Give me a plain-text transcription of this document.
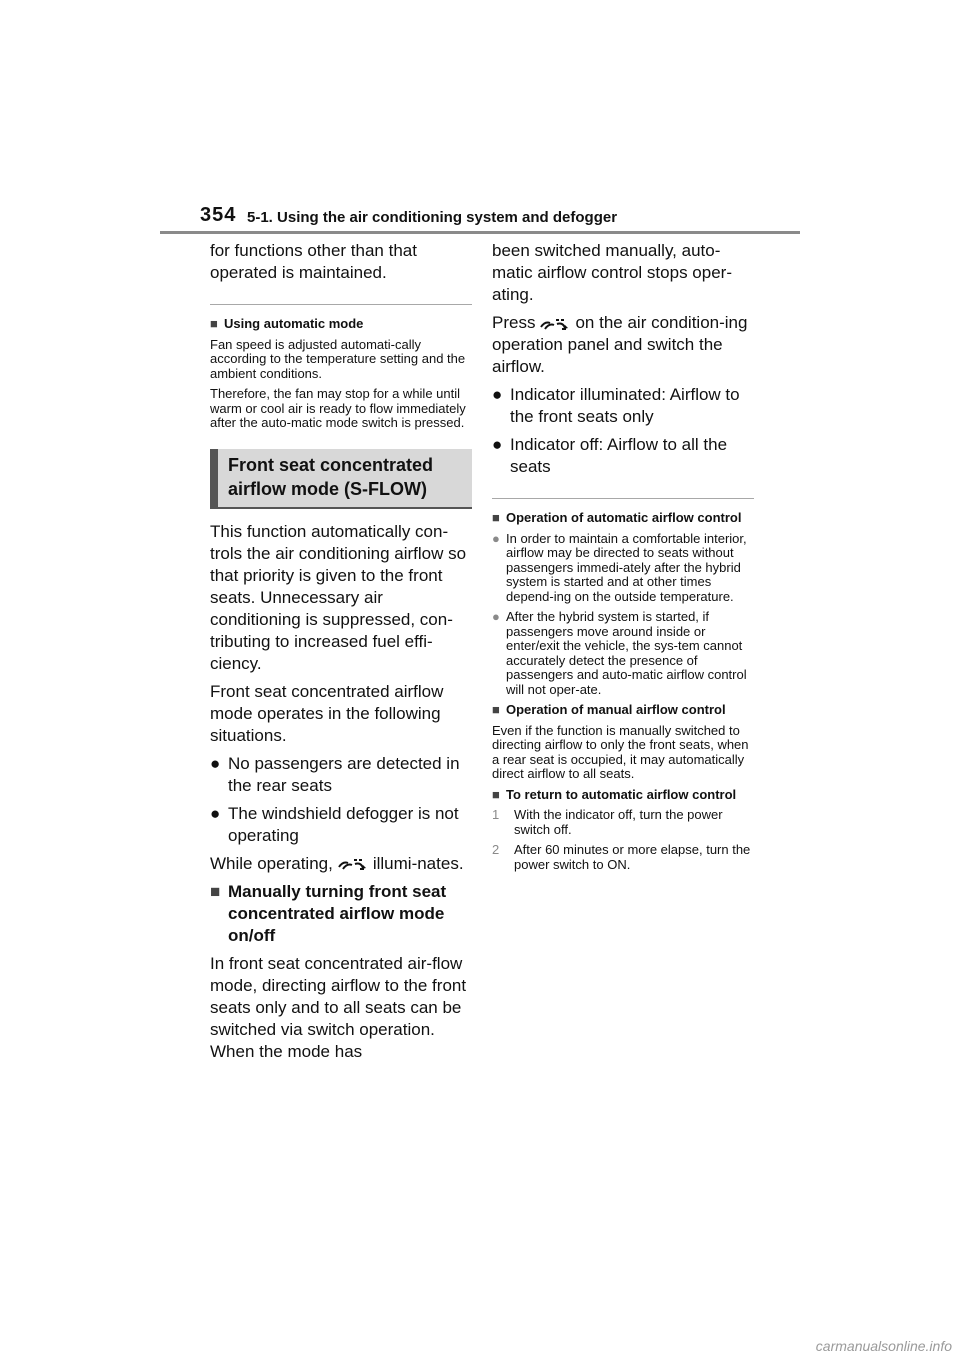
354 5-1. Using the air conditioning system and defogger

for functions other than that operated is maintained.

■ Using automatic mode

Fan speed is adjusted automati-cally according to the temperature setting and the ambient conditions.

Therefore, the fan may stop for a while until warm or cool air is ready to flow immediately after the auto-matic mode switch is pressed.

Front seat concentrated airflow mode (S-FLOW)

This function automatically con-trols the air conditioning airflow so that priority is given to the front seats. Unnecessary air conditioning is suppressed, con-tributing to increased fuel effi-ciency.

Front seat concentrated airflow mode operates in the following situations.

● No passengers are detected in the rear seats
● The windshield defogger is not operating

While operating, illumi-nates.

■ Manually turning front seat concentrated airflow mode on/off

In front seat concentrated air-flow mode, directing airflow to the front seats only and to all seats can be switched via switch operation. When the mode has

been switched manually, auto-matic airflow control stops oper-ating.

Press on the air condition-ing operation panel and switch the airflow.

● Indicator illuminated: Airflow to the front seats only
● Indicator off: Airflow to all the seats
■ Operation of automatic airflow control
● In order to maintain a comfortable interior, airflow may be directed to seats without passengers immedi-ately after the hybrid system is started and at other times depend-ing on the outside temperature.
● After the hybrid system is started, if passengers move around inside or enter/exit the vehicle, the sys-tem cannot accurately detect the presence of passengers and auto-matic airflow control will not oper-ate.
■ Operation of manual airflow control

Even if the function is manually switched to directing airflow to only the front seats, when a rear seat is occupied, it may automatically direct airflow to all seats.

■ To return to automatic airflow control
1 With the indicator off, turn the power switch off.
2 After 60 minutes or more elapse, turn the power switch to ON.
carmanualsonline.info
